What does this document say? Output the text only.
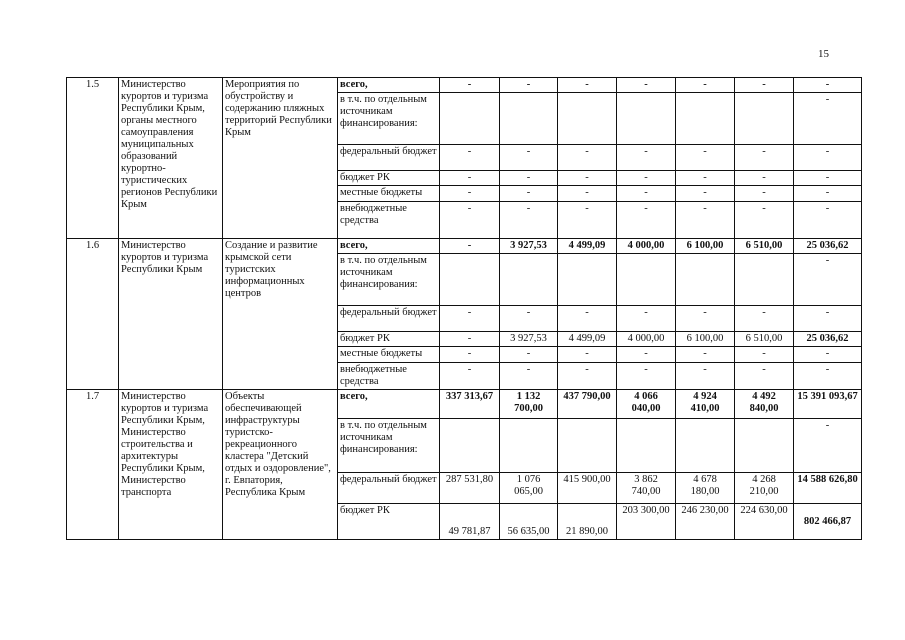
15
1.5	Министерство курортов и туризма Республики Крым, органы местного самоуправления муниципальных образований курортно-туристических регионов Республики Крым	Мероприятия по обустройству и содержанию пляжных территорий Республики Крым	всего,	-	-	-	-	-	-	-
			в т.ч. по отдельным источникам финансирования:							-
			федеральный бюджет	-	-	-	-	-	-	-
			бюджет РК	-	-	-	-	-	-	-
			местные бюджеты	-	-	-	-	-	-	-
			внебюджетные средства	-	-	-	-	-	-	-
1.6	Министерство курортов и туризма Республики Крым	Создание и развитие крымской сети туристских информационных центров	всего,	-	3 927,53	4 499,09	4 000,00	6 100,00	6 510,00	25 036,62
			в т.ч. по отдельным источникам финансирования:							-
			федеральный бюджет	-	-	-	-	-	-	-
			бюджет РК	-	3 927,53	4 499,09	4 000,00	6 100,00	6 510,00	25 036,62
			местные бюджеты	-	-	-	-	-	-	-
			внебюджетные средства	-	-	-	-	-	-	-
1.7	Министерство курортов и туризма Республики Крым, Министерство строительства и архитектуры Республики Крым, Министерство транспорта	Объекты обеспечивающей инфраструктуры туристско-рекреационного кластера "Детский отдых и оздоровление", г. Евпатория, Республика Крым	всего,	337 313,67	1 132 700,00	437 790,00	4 066 040,00	4 924 410,00	4 492 840,00	15 391 093,67
			в т.ч. по отдельным источникам финансирования:							-
			федеральный бюджет	287 531,80	1 076 065,00	415 900,00	3 862 740,00	4 678 180,00	4 268 210,00	14 588 626,80
			бюджет РК	49 781,87	56 635,00	21 890,00	203 300,00	246 230,00	224 630,00	802 466,87
